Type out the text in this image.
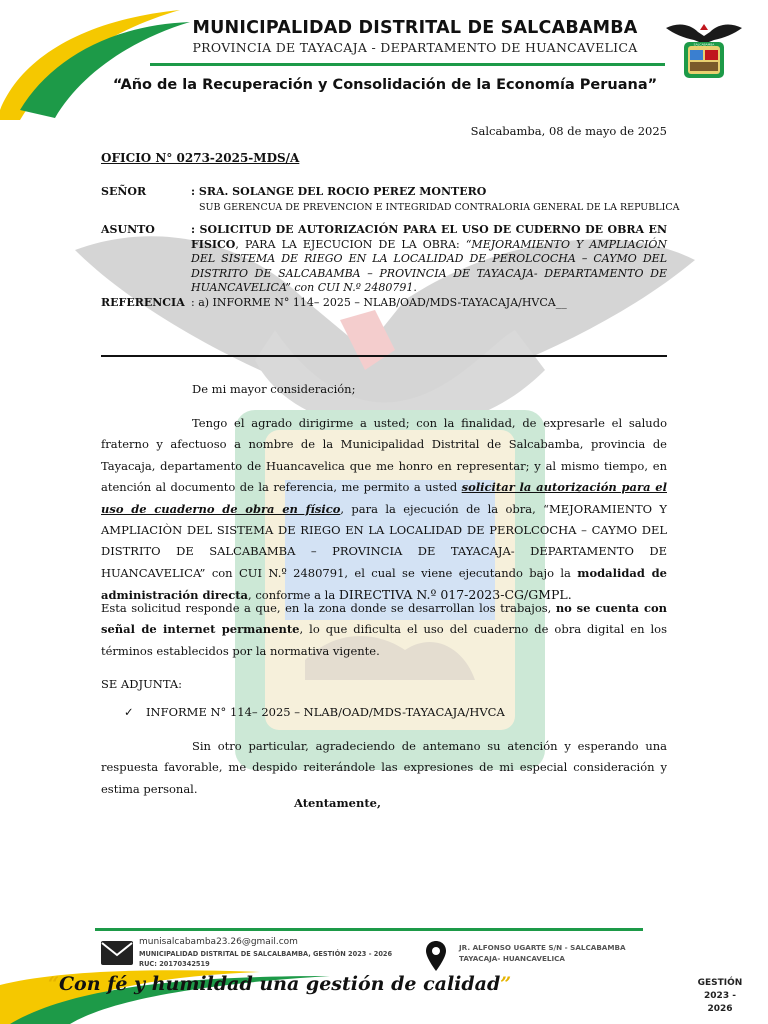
MUNICIPALIDAD DISTRITAL DE SALCABAMBA
PROVINCIA DE TAYACAJA - DEPARTAMENTO DE HUANCAVELICA	SALCABAMBA
“Año de la Recuperación y Consolidación de la Economía Peruana”
Salcabamba, 08 de mayo de 2025
OFICIO N° 0273-2025-MDS/A
SEÑOR	: SRA. SOLANGE DEL ROCIO PEREZ MONTERO
SUB GERENCUA DE PREVENCION E INTEGRIDAD CONTRALORIA GENERAL DE LA REPUBLICA
ASUNTO	: SOLICITUD DE AUTORIZACIÓN PARA EL USO DE CUDERNO DE OBRA EN FISICO, PARA LA EJECUCION DE LA OBRA: “MEJORAMIENTO Y AMPLIACIÓN DEL SISTEMA DE RIEGO EN LA LOCALIDAD DE PEROLCOCHA – CAYMO DEL DISTRITO DE SALCABAMBA – PROVINCIA DE TAYACAJA- DEPARTAMENTO DE HUANCAVELICA” con CUI N.º 2480791.
REFERENCIA : a) INFORME N° 114– 2025 – NLAB/OAD/MDS-TAYACAJA/HVCA__
De mi mayor consideración;
Tengo el agrado dirigirme a usted; con la finalidad, de expresarle el saludo fraterno y afectuoso a nombre de la Municipalidad Distrital de Salcabamba, provincia de Tayacaja, departamento de Huancavelica que me honro en representar; y al mismo tiempo, en atención al documento de la referencia, me permito a usted solicitar la autorización para el uso de cuaderno de obra en físico, para la ejecución de la obra, “MEJORAMIENTO Y AMPLIACIÒN DEL SISTEMA DE RIEGO EN LA LOCALIDAD DE PEROLCOCHA – CAYMO DEL DISTRITO DE SALCABAMBA – PROVINCIA DE TAYACAJA- DEPARTAMENTO DE HUANCAVELICA” con CUI N.º 2480791, el cual se viene ejecutando bajo la modalidad de administración directa, conforme a la DIRECTIVA N.º 017-2023-CG/GMPL.
Esta solicitud responde a que, en la zona donde se desarrollan los trabajos, no se cuenta con señal de internet permanente, lo que dificulta el uso del cuaderno de obra digital en los términos establecidos por la normativa vigente.
SE ADJUNTA:
✓ INFORME N° 114– 2025 – NLAB/OAD/MDS-TAYACAJA/HVCA
Sin otro particular, agradeciendo de antemano su atención y esperando una respuesta favorable, me despido reiterándole las expresiones de mi especial consideración y estima personal.
Atentamente,
munisalcabamba23.26@gmail.com
MUNICIPALIDAD DISTRITAL DE SALCALBAMBA, GESTIÓN 2023 - 2026
RUC: 20170342519
JR. ALFONSO UGARTE S/N - SALCABAMBA
TAYACAJA- HUANCAVELICA
“Con fé y humildad una gestión de calidad”	GESTIÓN
2023 - 2026
